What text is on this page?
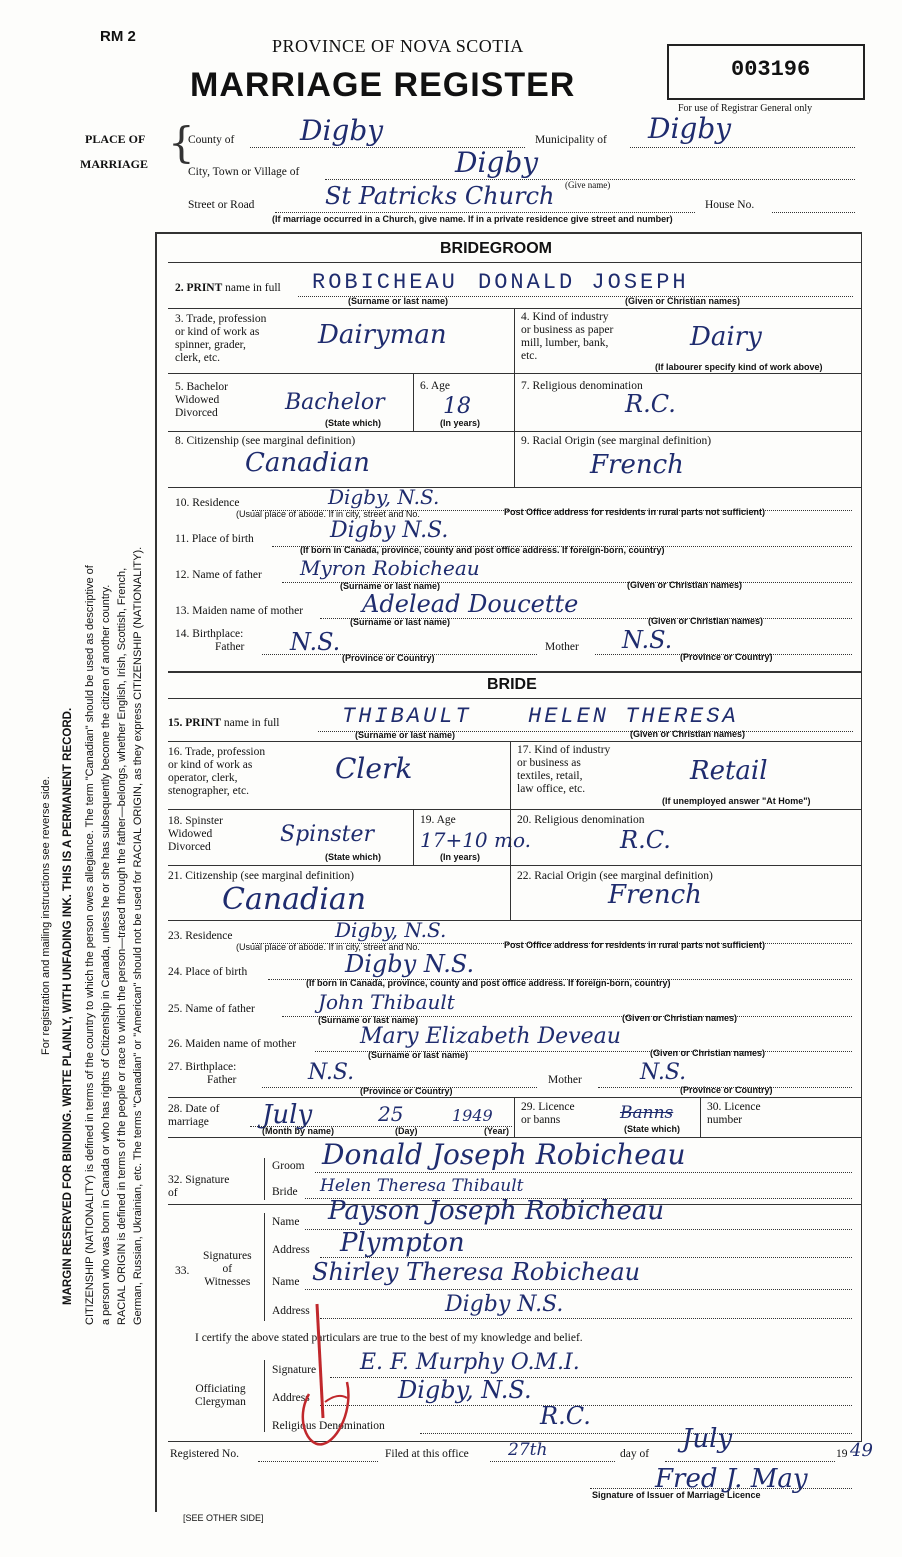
RM 2	PROVINCE OF NOVA SCOTIA
MARRIAGE REGISTER	003196
For use of Registrar General only
PLACE OF
MARRIAGE {
County of Digby	Municipality of Digby
City, Town or Village of	Digby
(Give name)
Street or Road	St Patricks Church	House No.
(If marriage occurred in a Church, give name. If in a private residence give street and number)
For registration and mailing instructions see reverse side. MARGIN RESERVED FOR BINDING. WRITE PLAINLY, WITH UNFADING INK. THIS IS A PERMANENT RECORD. CITIZENSHIP (NATIONALITY) is defined in terms of the country to which the person owes allegiance. The term "Canadian" should be used as descriptive of a person who was born in Canada or who has rights of Citizenship in Canada, unless he or she has subsequently become the citizen of another country. RACIAL ORIGIN is defined in terms of the people or race to which the person—traced through the father—belongs, whether English, Irish, Scottish, French, German, Russian, Ukrainian, etc. The terms "Canadian" or "American" should not be used for RACIAL ORIGIN, as they express CITIZENSHIP (NATIONALITY).
BRIDEGROOM
2. PRINT name in full ROBICHEAU DONALD JOSEPH
(Surname or last name)	(Given or Christian names)
3. Trade, profession
or kind of work as
spinner, grader,
clerk, etc.
Dairyman
4. Kind of industry
or business as paper
mill, lumber, bank,
etc.
Dairy
(If labourer specify kind of work above)
5. Bachelor
Widowed
Divorced	Bachelor
(State which)
6. Age
18
(In years)
7. Religious denomination
R.C.
8. Citizenship (see marginal definition)
Canadian
9. Racial Origin (see marginal definition)
French
10. Residence	Digby, N.S.
(Usual place of abode. If in city, street and No.	Post Office address for residents in rural parts not sufficient)
11. Place of birth	Digby N.S.
(If born in Canada, province, county and post office address. If foreign-born, country)
12. Name of father Myron Robicheau
(Surname or last name)	(Given or Christian names)
13. Maiden name of mother Adelead Doucette
(Surname or last name)	(Given or Christian names)
14. Birthplace:
Father N.S.
(Province or Country)
Mother N.S.
(Province or Country)
BRIDE
15. PRINT name in full	THIBAULT	HELEN THERESA
(Surname or last name)	(Given or Christian names)
16. Trade, profession
or kind of work as
operator, clerk,
stenographer, etc.
Clerk
17. Kind of industry
or business as
textiles, retail,
law office, etc.
Retail
(If unemployed answer "At Home")
18. Spinster
Widowed
Divorced	Spinster
(State which)
19. Age
17+10 mo.
(In years)
20. Religious denomination
R.C.
21. Citizenship (see marginal definition)
Canadian
22. Racial Origin (see marginal definition)
French
23. Residence	Digby, N.S.
(Usual place of abode. If in city, street and No.	Post Office address for residents in rural parts not sufficient)
24. Place of birth	Digby N.S.
(If born in Canada, province, county and post office address. If foreign-born, country)
25. Name of father	John Thibault
(Surname or last name)	(Given or Christian names)
26. Maiden name of mother	Mary Elizabeth Deveau
(Surname or last name)	(Given or Christian names)
27. Birthplace:
Father	N.S.
(Province or Country)
Mother	N.S.
(Province or Country)
28. Date of
marriage	July	25	1949
(Month by name)	(Day)	(Year)
29. Licence
or banns	Banns
(State which)
30. Licence
number
32. Signature
of
Groom Donald Joseph Robicheau
Bride Helen Theresa Thibault
33.
Signatures
of
Witnesses
Name Payson Joseph Robicheau
Address Plympton
Name Shirley Theresa Robicheau
Address	Digby N.S.
I certify the above stated particulars are true to the best of my knowledge and belief.
Officiating
Clergyman
Signature E. F. Murphy O.M.I.
Address	Digby, N.S.
Religious Denomination	R.C.
Registered No.	Filed at this office 27th	day of July	19 49
Fred J. May
Signature of Issuer of Marriage Licence
[SEE OTHER SIDE]
